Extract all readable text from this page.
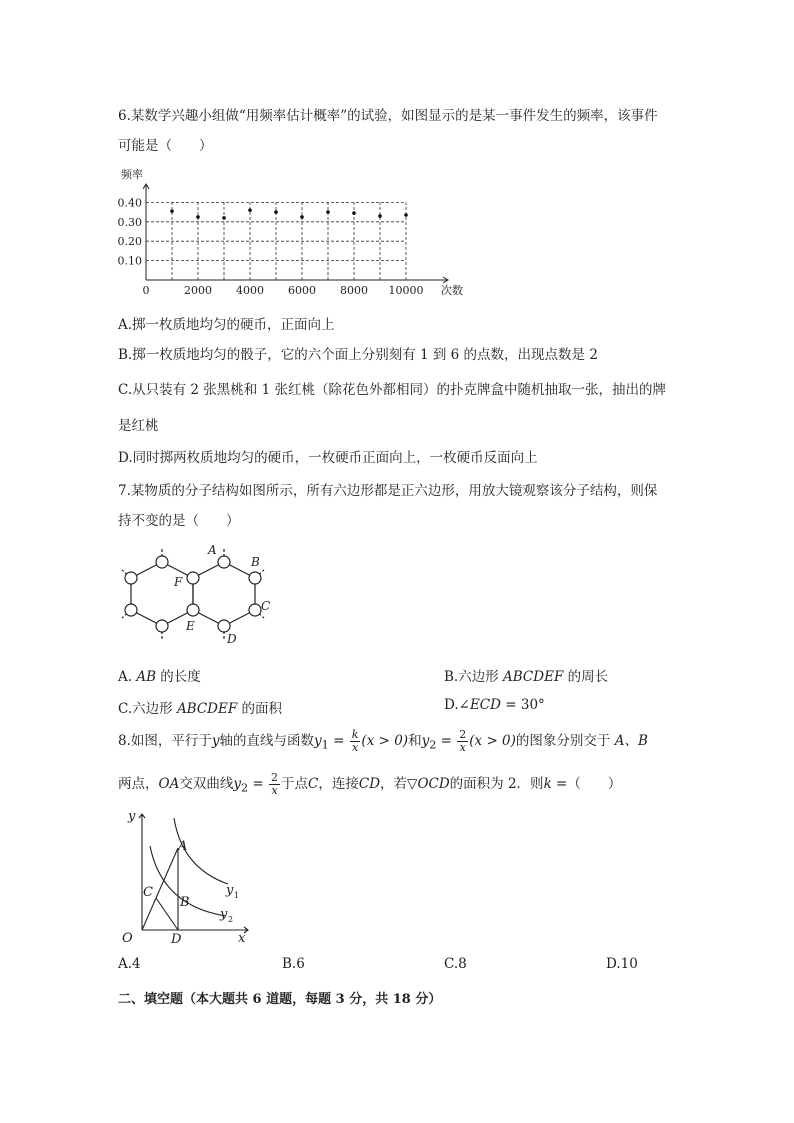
6.某数学兴趣小组做“用频率估计概率”的试验，如图显示的是某一事件发生的频率，该事件
可能是（　　）
0.10
0.20
0.30
0.40
频率
次数
0	2000 4000 6000 8000 10000
A.掷一枚质地均匀的硬币，正面向上
B.掷一枚质地均匀的骰子，它的六个面上分别刻有 1 到 6 的点数，出现点数是 2
C.从只装有 2 张黑桃和 1 张红桃（除花色外都相同）的扑克牌盒中随机抽取一张，抽出的牌
是红桃
D.同时掷两枚质地均匀的硬币，一枚硬币正面向上，一枚硬币反面向上
7.某物质的分子结构如图所示，所有六边形都是正六边形，用放大镜观察该分子结构，则保
持不变的是（　　）
A
B
C
D
E
F
A. AB 的长度	B.六边形 ABCDEF 的周长
C.六边形 ABCDEF 的面积	D.∠ECD = 30°
8.如图，平行于y轴的直线与函数$y_1 = \frac{k}{x} (x > 0)$和$y_2 = \frac{2}{x} (x > 0)$的图象分别交于 A、B
两点，OA交双曲线$y_2 = \frac{2}{x}$ 于点C，连接CD，若▽OCD的面积为 2．则k =（　　）
y
x
O
A
B
C
D
y 1
y 2
A.4	B.6	C.8	D.10
二、填空题（本大题共 6 道题，每题 3 分，共 18 分）
